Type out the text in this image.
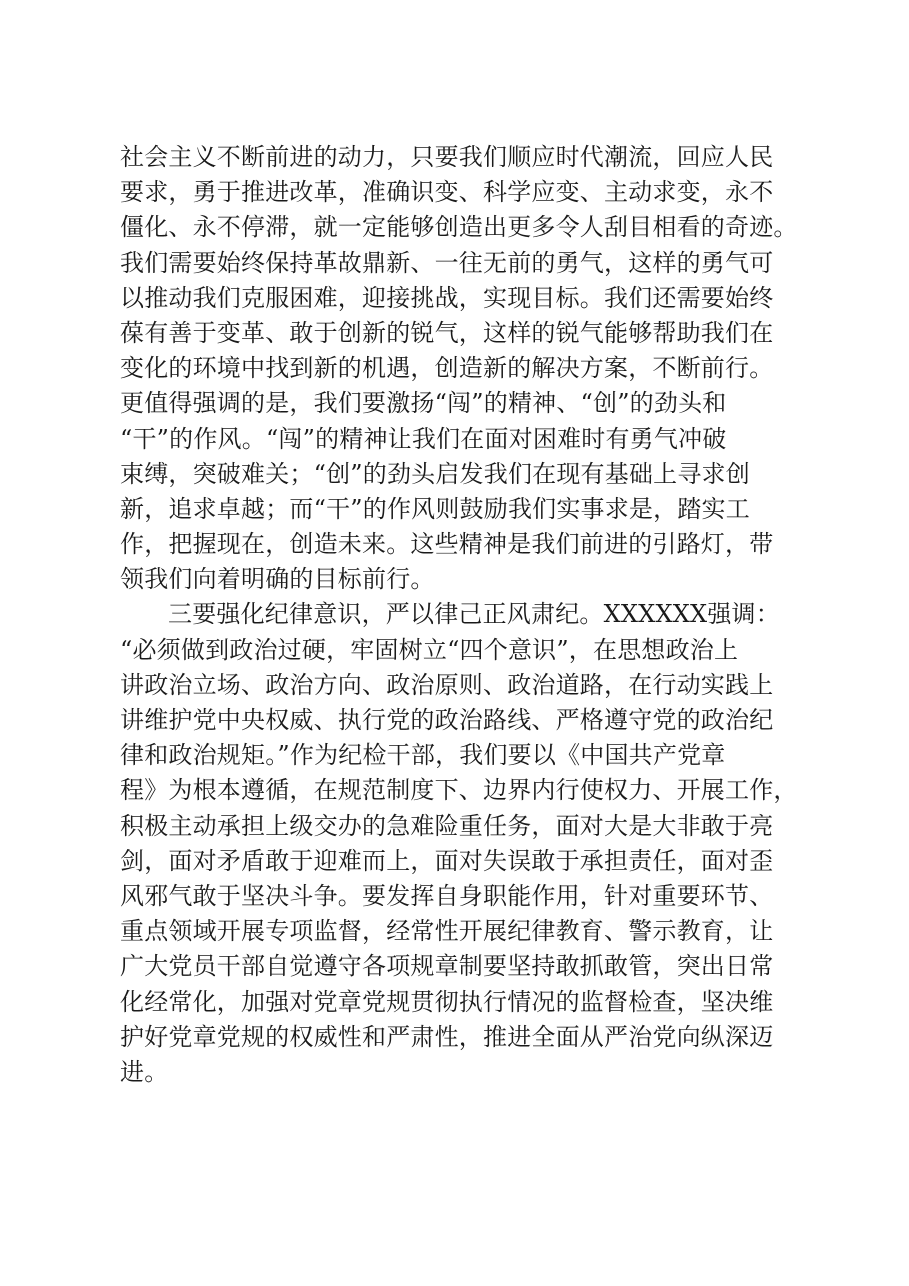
社会主义不断前进的动力，只要我们顺应时代潮流，回应人民
要求，勇于推进改革，准确识变、科学应变、主动求变，永不
僵化、永不停滞，就一定能够创造出更多令人刮目相看的奇迹。
我们需要始终保持革故鼎新、一往无前的勇气，这样的勇气可
以推动我们克服困难，迎接挑战，实现目标。我们还需要始终
葆有善于变革、敢于创新的锐气，这样的锐气能够帮助我们在
变化的环境中找到新的机遇，创造新的解决方案，不断前行。
更值得强调的是，我们要激扬“闯”的精神、“创”的劲头和
“干”的作风。“闯”的精神让我们在面对困难时有勇气冲破
束缚，突破难关；“创”的劲头启发我们在现有基础上寻求创
新，追求卓越；而“干”的作风则鼓励我们实事求是，踏实工
作，把握现在，创造未来。这些精神是我们前进的引路灯，带
领我们向着明确的目标前行。
三要强化纪律意识，严以律己正风肃纪。XXXXXX强调：
“必须做到政治过硬，牢固树立“四个意识”，在思想政治上
讲政治立场、政治方向、政治原则、政治道路，在行动实践上
讲维护党中央权威、执行党的政治路线、严格遵守党的政治纪
律和政治规矩。”作为纪检干部，我们要以《中国共产党章
程》为根本遵循，在规范制度下、边界内行使权力、开展工作，
积极主动承担上级交办的急难险重任务，面对大是大非敢于亮
剑，面对矛盾敢于迎难而上，面对失误敢于承担责任，面对歪
风邪气敢于坚决斗争。要发挥自身职能作用，针对重要环节、
重点领域开展专项监督，经常性开展纪律教育、警示教育，让
广大党员干部自觉遵守各项规章制要坚持敢抓敢管，突出日常
化经常化，加强对党章党规贯彻执行情况的监督检查，坚决维
护好党章党规的权威性和严肃性，推进全面从严治党向纵深迈
进。
